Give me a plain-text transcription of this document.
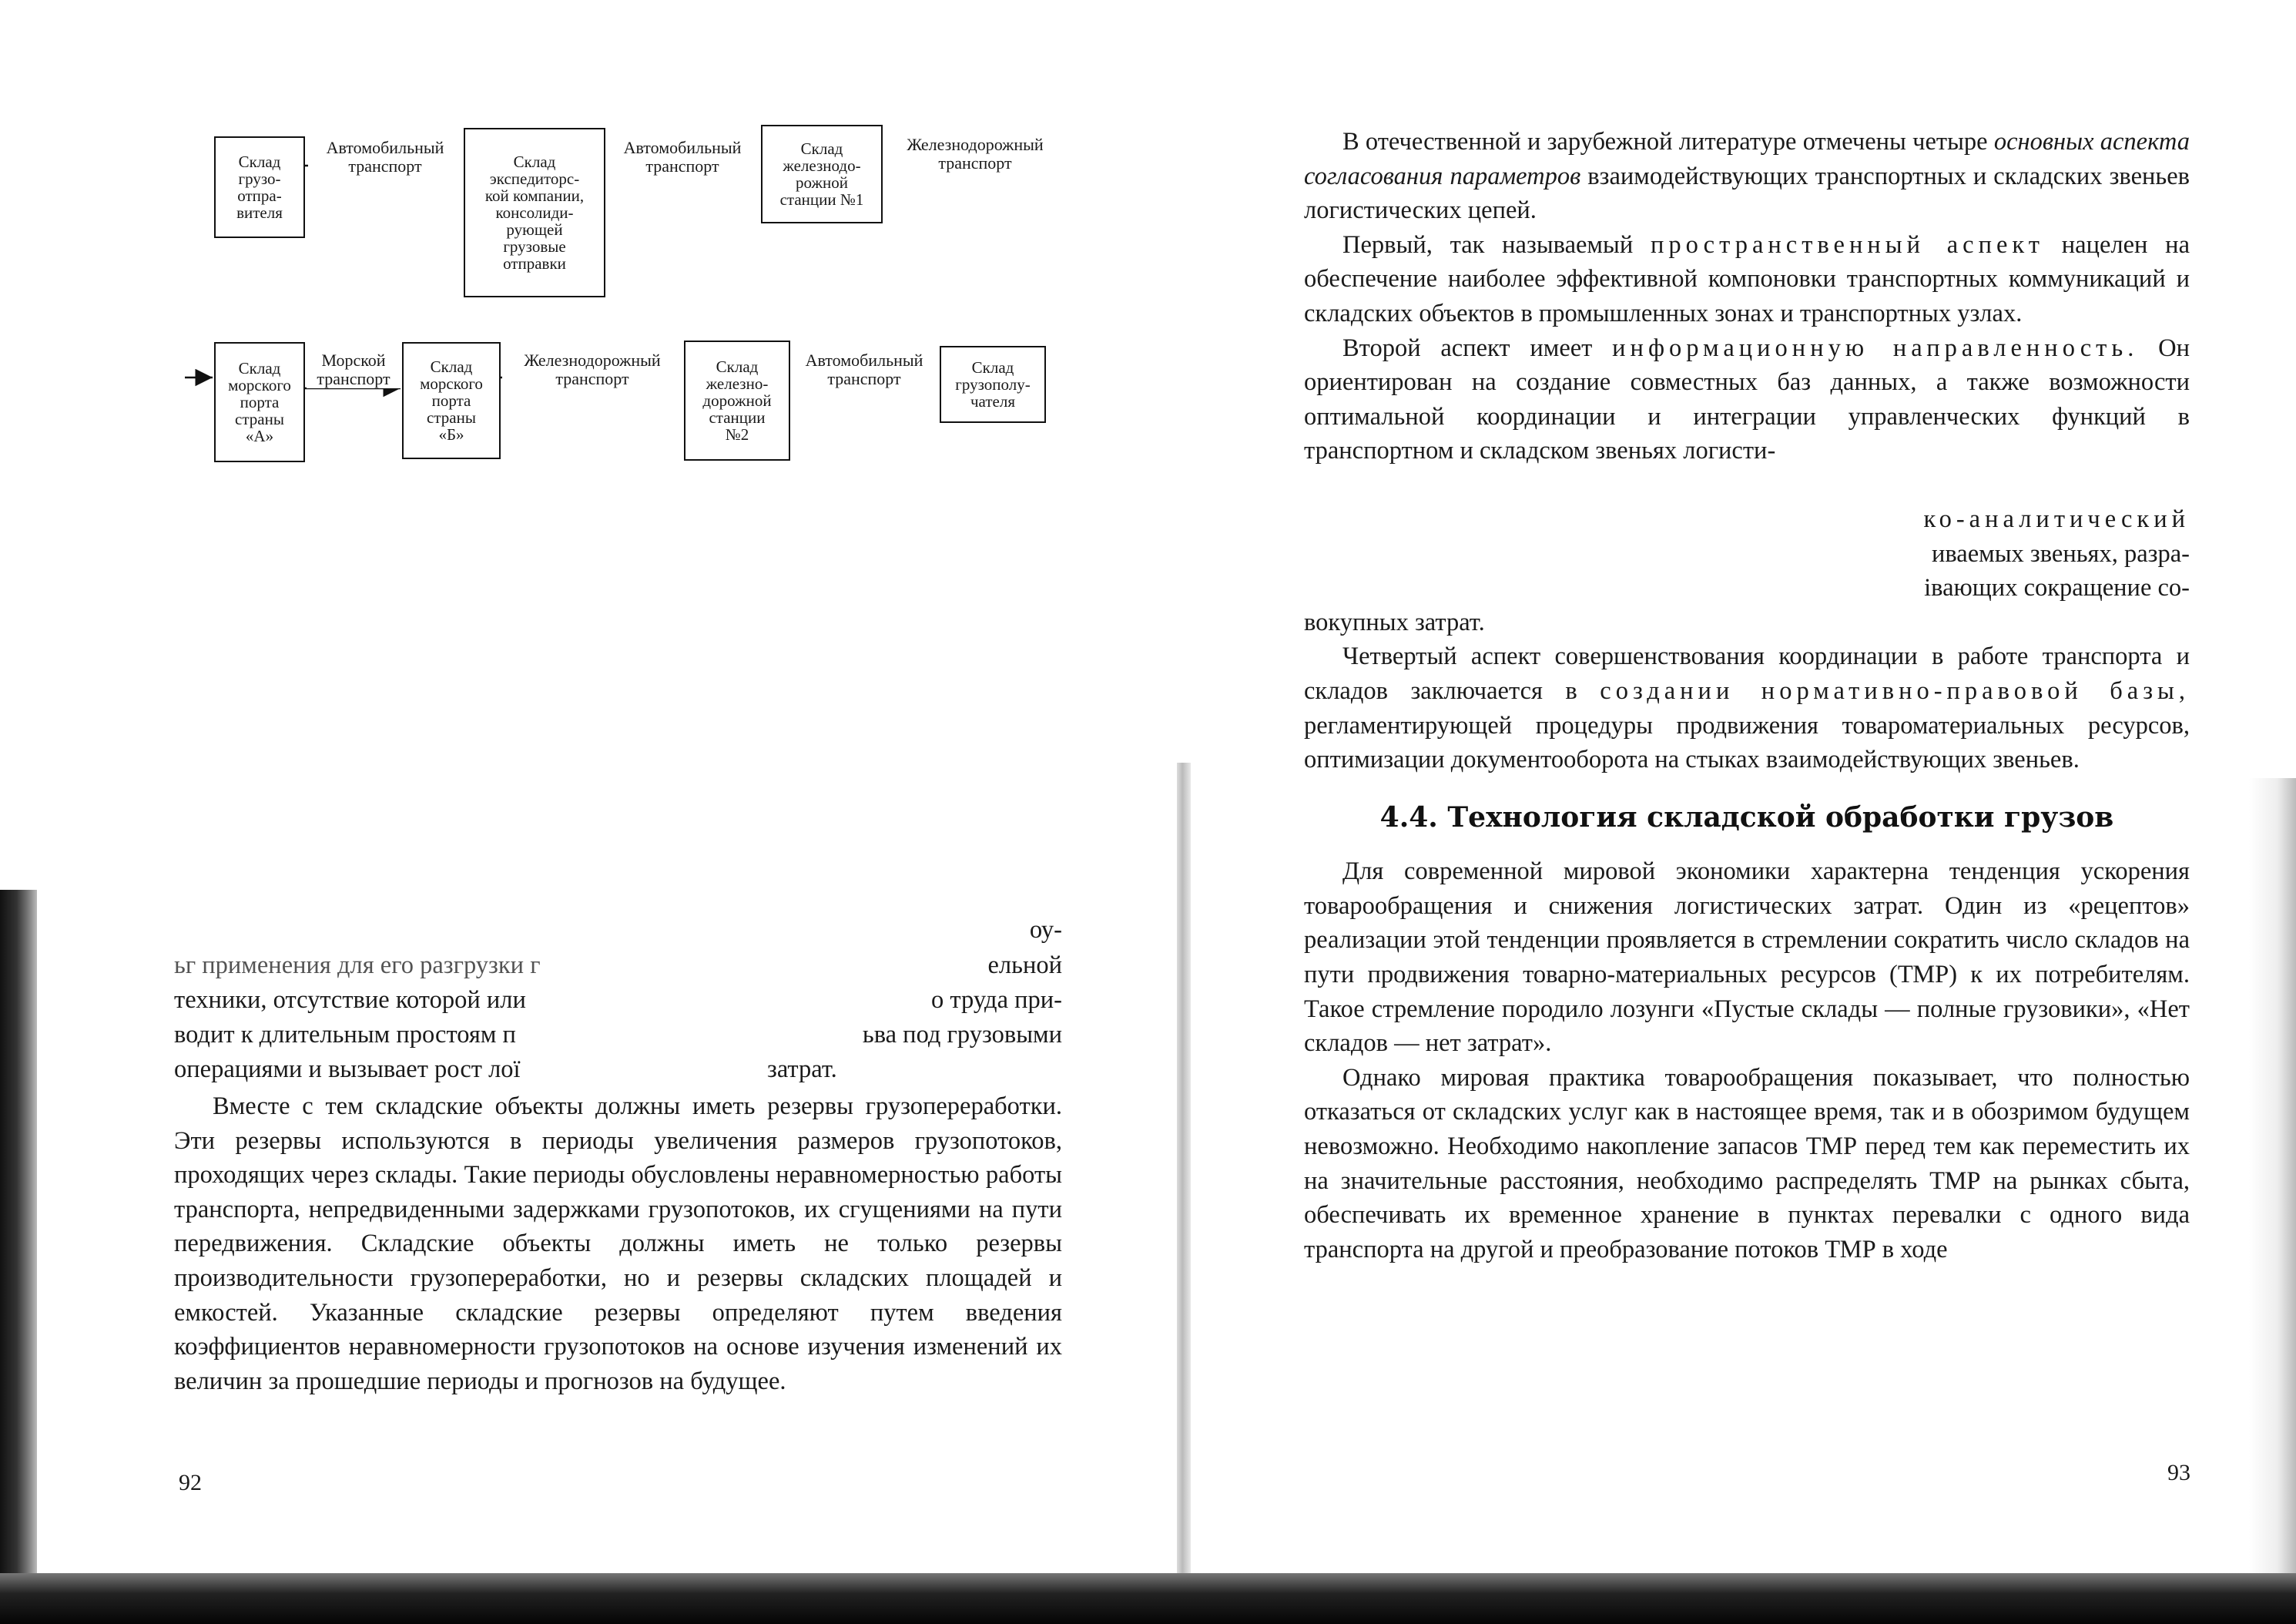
Склад
грузо-
отпра-
вителя
Склад
экспедиторс-
кой компании,
консолиди-
рующей
грузовые
отправки
Склад
железнодо-
рожной
станции №1
Автомобильный
транспорт
Автомобильный
транспорт
Железнодорожный
транспорт
Склад
морского
порта
страны
«А»
Склад
морского
порта
страны
«Б»
Склад
железно-
дорожной
станции
№2
Склад
грузополу-
чателя
Морской
транспорт
Железнодорожный
транспорт
Автомобильный
транспорт
оу-
ьг применения для его разгрузки г	ельной
техники, отсутствие которой или	о труда при-
водит к длительным простоям п	ьва под грузовыми
операциями и вызывает рост лої	затрат.

Вместе с тем складские объекты должны иметь резервы грузопереработки. Эти резервы используются в периоды увеличения размеров грузопотоков, проходящих через склады. Такие периоды обусловлены неравномерностью работы транспорта, непредвиденными задержками грузопотоков, их сгущениями на пути передвижения. Складские объекты должны иметь не только резервы производительности грузопереработки, но и резервы складских площадей и емкостей. Указанные складские резервы определяют путем введения коэффициентов неравномерности грузопотоков на основе изучения изменений их величин за прошедшие периоды и прогнозов на будущее.

92

В отечественной и зарубежной литературе отмечены четыре основных аспекта согласования параметров взаимодействующих транспортных и складских звеньев логистических цепей.

Первый, так называемый пространственный аспект нацелен на обеспечение наиболее эффективной компоновки транспортных коммуникаций и складских объектов в промышленных зонах и транспортных узлах.

Второй аспект имеет информационную направленность. Он ориентирован на создание совместных баз данных, а также возможности оптимальной координации и интеграции управленческих функций в транспортном и складском звеньях логисти-

ко-аналитический

иваемых звеньях, разра-

івающих сокращение со-

вокупных затрат.

Четвертый аспект совершенствования координации в работе транспорта и складов заключается в создании нормативно-правовой базы, регламентирующей процедуры продвижения товароматериальных ресурсов, оптимизации документооборота на стыках взаимодействующих звеньев.

4.4. Технология складской обработки грузов

Для современной мировой экономики характерна тенденция ускорения товарообращения и снижения логистических затрат. Один из «рецептов» реализации этой тенденции проявляется в стремлении сократить число складов на пути продвижения товарно-материальных ресурсов (ТМР) к их потребителям. Такое стремление породило лозунги «Пустые склады — полные грузовики», «Нет складов — нет затрат».

Однако мировая практика товарообращения показывает, что полностью отказаться от складских услуг как в настоящее время, так и в обозримом будущем невозможно. Необходимо накопление запасов ТМР перед тем как переместить их на значительные расстояния, необходимо распределять ТМР на рынках сбыта, обеспечивать их временное хранение в пунктах перевалки с одного вида транспорта на другой и преобразование потоков ТМР в ходе

93
